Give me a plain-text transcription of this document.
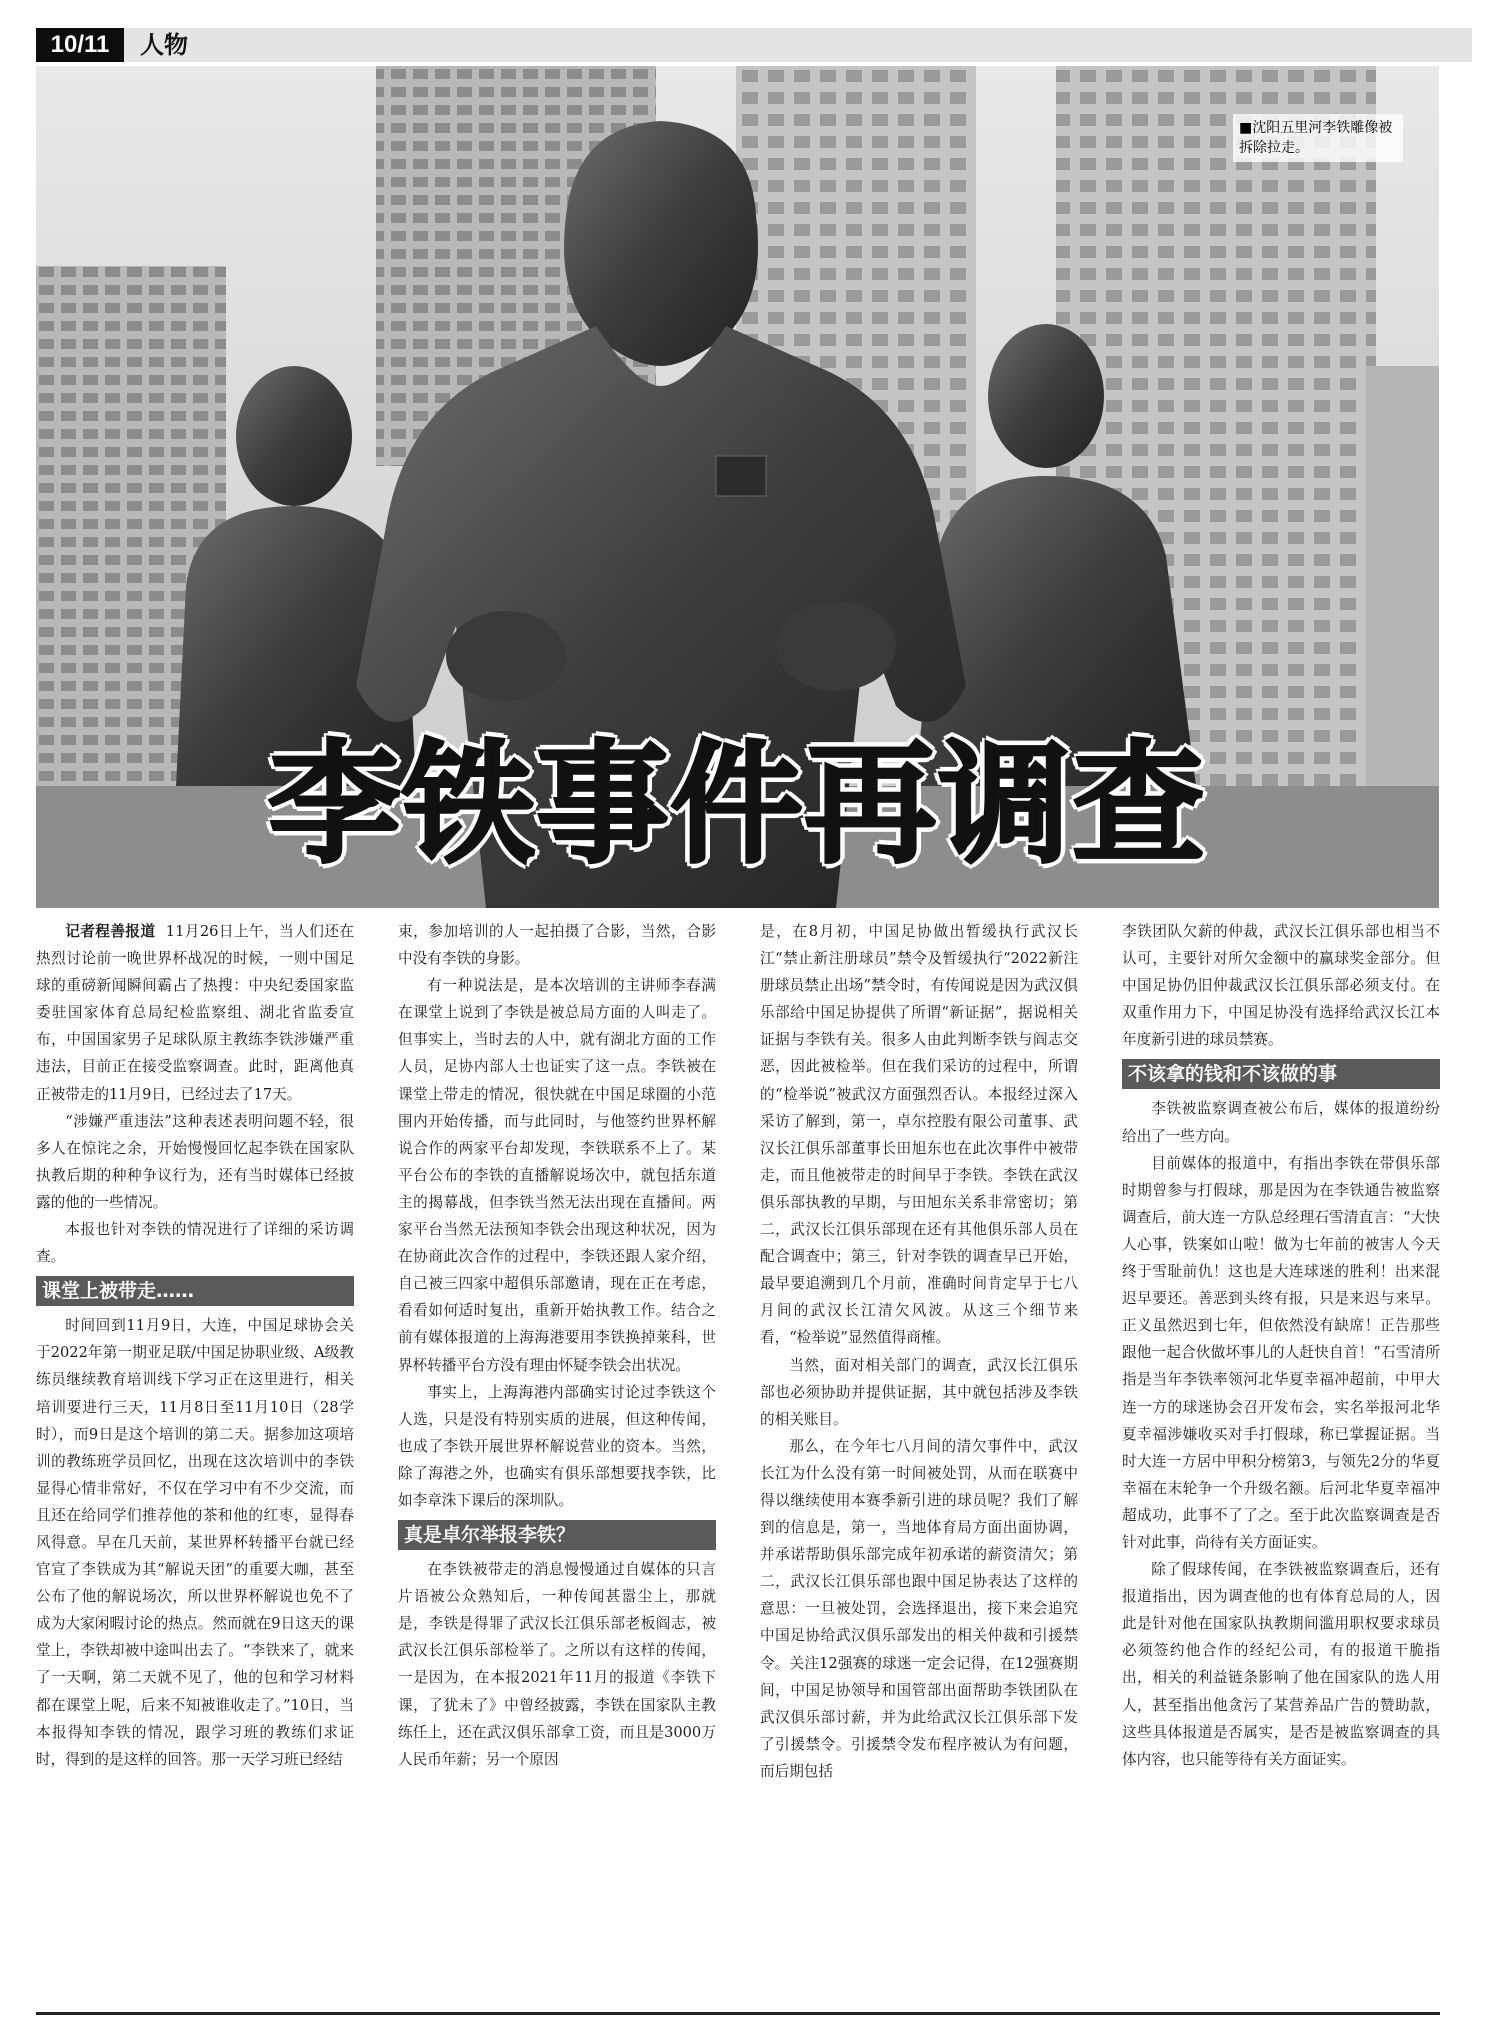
10/11	人物
■沈阳五里河李铁雕像被拆除拉走。
李铁事件再调查

记者程善报道 11月26日上午，当人们还在热烈讨论前一晚世界杯战况的时候，一则中国足球的重磅新闻瞬间霸占了热搜：中央纪委国家监委驻国家体育总局纪检监察组、湖北省监委宣布，中国国家男子足球队原主教练李铁涉嫌严重违法，目前正在接受监察调查。此时，距离他真正被带走的11月9日，已经过去了17天。

“涉嫌严重违法”这种表述表明问题不轻，很多人在惊诧之余，开始慢慢回忆起李铁在国家队执教后期的种种争议行为，还有当时媒体已经披露的他的一些情况。

本报也针对李铁的情况进行了详细的采访调查。

课堂上被带走……

时间回到11月9日，大连，中国足球协会关于2022年第一期亚足联/中国足协职业级、A级教练员继续教育培训线下学习正在这里进行，相关培训要进行三天，11月8日至11月10日（28学时），而9日是这个培训的第二天。据参加这项培训的教练班学员回忆，出现在这次培训中的李铁显得心情非常好，不仅在学习中有不少交流，而且还在给同学们推荐他的茶和他的红枣，显得春风得意。早在几天前，某世界杯转播平台就已经官宣了李铁成为其“解说天团”的重要大咖，甚至公布了他的解说场次，所以世界杯解说也免不了成为大家闲暇讨论的热点。然而就在9日这天的课堂上，李铁却被中途叫出去了。“李铁来了，就来了一天啊，第二天就不见了，他的包和学习材料都在课堂上呢，后来不知被谁收走了。”10日，当本报得知李铁的情况，跟学习班的教练们求证时，得到的是这样的回答。那一天学习班已经结

束，参加培训的人一起拍摄了合影，当然，合影中没有李铁的身影。

有一种说法是，是本次培训的主讲师李春满在课堂上说到了李铁是被总局方面的人叫走了。但事实上，当时去的人中，就有湖北方面的工作人员，足协内部人士也证实了这一点。李铁被在课堂上带走的情况，很快就在中国足球圈的小范围内开始传播，而与此同时，与他签约世界杯解说合作的两家平台却发现，李铁联系不上了。某平台公布的李铁的直播解说场次中，就包括东道主的揭幕战，但李铁当然无法出现在直播间。两家平台当然无法预知李铁会出现这种状况，因为在协商此次合作的过程中，李铁还跟人家介绍，自己被三四家中超俱乐部邀请，现在正在考虑，看看如何适时复出，重新开始执教工作。结合之前有媒体报道的上海海港要用李铁换掉莱科，世界杯转播平台方没有理由怀疑李铁会出状况。

事实上，上海海港内部确实讨论过李铁这个人选，只是没有特别实质的进展，但这种传闻，也成了李铁开展世界杯解说营业的资本。当然，除了海港之外，也确实有俱乐部想要找李铁，比如李章洙下课后的深圳队。

真是卓尔举报李铁？

在李铁被带走的消息慢慢通过自媒体的只言片语被公众熟知后，一种传闻甚嚣尘上，那就是，李铁是得罪了武汉长江俱乐部老板阎志，被武汉长江俱乐部检举了。之所以有这样的传闻，一是因为，在本报2021年11月的报道《李铁下课，了犹未了》中曾经披露，李铁在国家队主教练任上，还在武汉俱乐部拿工资，而且是3000万人民币年薪；另一个原因

是，在8月初，中国足协做出暂缓执行武汉长江“禁止新注册球员”禁令及暂缓执行“2022新注册球员禁止出场”禁令时，有传闻说是因为武汉俱乐部给中国足协提供了所谓“新证据”，据说相关证据与李铁有关。很多人由此判断李铁与阎志交恶，因此被检举。但在我们采访的过程中，所谓的“检举说”被武汉方面强烈否认。本报经过深入采访了解到，第一，卓尔控股有限公司董事、武汉长江俱乐部董事长田旭东也在此次事件中被带走，而且他被带走的时间早于李铁。李铁在武汉俱乐部执教的早期，与田旭东关系非常密切；第二，武汉长江俱乐部现在还有其他俱乐部人员在配合调查中；第三，针对李铁的调查早已开始，最早要追溯到几个月前，准确时间肯定早于七八月间的武汉长江清欠风波。从这三个细节来看，“检举说”显然值得商榷。

当然，面对相关部门的调查，武汉长江俱乐部也必须协助并提供证据，其中就包括涉及李铁的相关账目。

那么，在今年七八月间的清欠事件中，武汉长江为什么没有第一时间被处罚，从而在联赛中得以继续使用本赛季新引进的球员呢？我们了解到的信息是，第一，当地体育局方面出面协调，并承诺帮助俱乐部完成年初承诺的薪资清欠；第二，武汉长江俱乐部也跟中国足协表达了这样的意思：一旦被处罚，会选择退出，接下来会追究中国足协给武汉俱乐部发出的相关仲裁和引援禁令。关注12强赛的球迷一定会记得，在12强赛期间，中国足协领导和国管部出面帮助李铁团队在武汉俱乐部讨薪，并为此给武汉长江俱乐部下发了引援禁令。引援禁令发布程序被认为有问题，而后期包括

李铁团队欠薪的仲裁，武汉长江俱乐部也相当不认可，主要针对所欠金额中的赢球奖金部分。但中国足协仍旧仲裁武汉长江俱乐部必须支付。在双重作用力下，中国足协没有选择给武汉长江本年度新引进的球员禁赛。

不该拿的钱和不该做的事

李铁被监察调查被公布后，媒体的报道纷纷给出了一些方向。

目前媒体的报道中，有指出李铁在带俱乐部时期曾参与打假球，那是因为在李铁通告被监察调查后，前大连一方队总经理石雪清直言：“大快人心事，铁案如山啦！做为七年前的被害人今天终于雪耻前仇！这也是大连球迷的胜利！出来混迟早要还。善恶到头终有报，只是来迟与来早。正义虽然迟到七年，但依然没有缺席！正告那些跟他一起合伙做坏事儿的人赶快自首！”石雪清所指是当年李铁率领河北华夏幸福冲超前，中甲大连一方的球迷协会召开发布会，实名举报河北华夏幸福涉嫌收买对手打假球，称已掌握证据。当时大连一方居中甲积分榜第3，与领先2分的华夏幸福在末轮争一个升级名额。后河北华夏幸福冲超成功，此事不了了之。至于此次监察调查是否针对此事，尚待有关方面证实。

除了假球传闻，在李铁被监察调查后，还有报道指出，因为调查他的也有体育总局的人，因此是针对他在国家队执教期间滥用职权要求球员必须签约他合作的经纪公司，有的报道干脆指出，相关的利益链条影响了他在国家队的选人用人，甚至指出他贪污了某营养品广告的赞助款，这些具体报道是否属实，是否是被监察调查的具体内容，也只能等待有关方面证实。
